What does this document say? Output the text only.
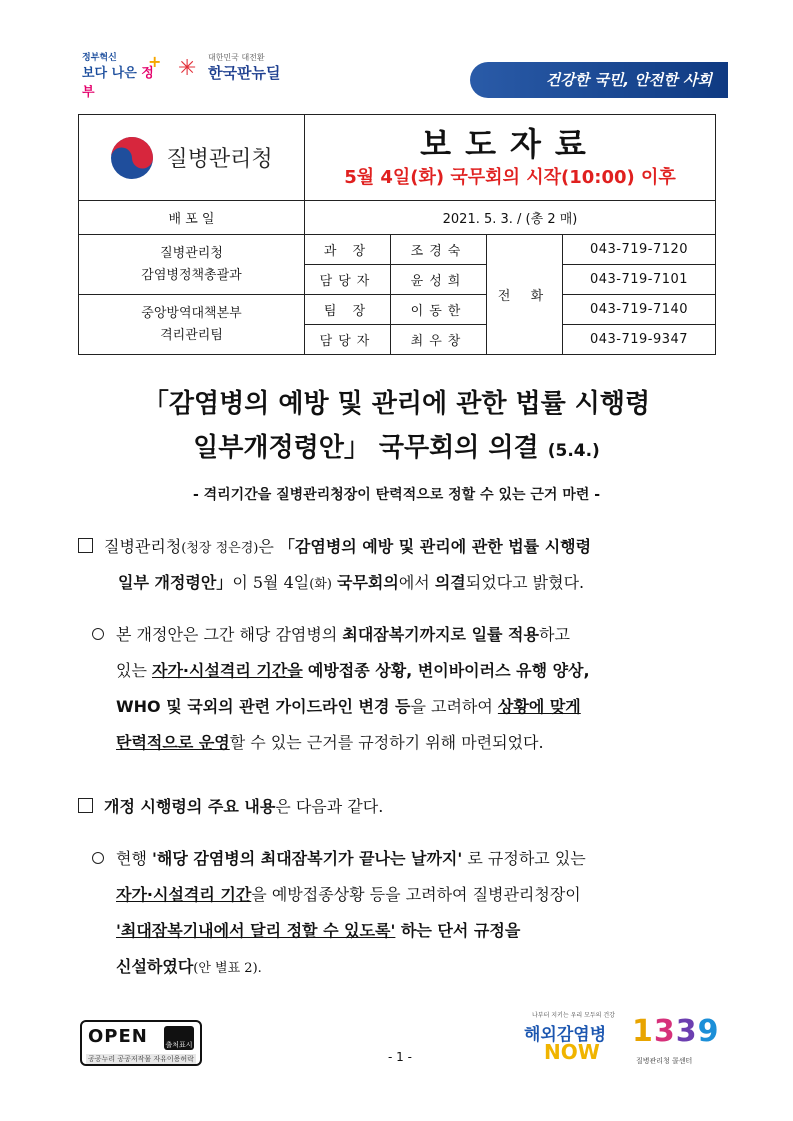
정부혁신
보다 나은 정부
+ ✳ 대한민국 대전환
한국판뉴딜	건강한 국민, 안전한 사회
질병관리청	보도자료
5월 4일(화) 국무회의 시작(10:00) 이후			

배 포 일	2021. 5. 3. / (총 2 매)			
질병관리청
감염병정책총괄과	과 장	조경숙	전 화	043-719-7120
	담당자	윤성희		043-719-7101
중앙방역대책본부
격리관리팀	팀 장	이동한		043-719-7140
	담당자	최우창		043-719-9347
「감염병의 예방 및 관리에 관한 법률 시행령
일부개정령안」 국무회의 의결 (5.4.)
- 격리기간을 질병관리청장이 탄력적으로 정할 수 있는 근거 마련 -
질병관리청(청장 정은경)은 「감염병의 예방 및 관리에 관한 법률 시행령
일부 개정령안」이 5월 4일(화) 국무회의에서 의결되었다고 밝혔다.
본 개정안은 그간 해당 감염병의 최대잠복기까지로 일률 적용하고
있는 자가·시설격리 기간을 예방접종 상황, 변이바이러스 유행 양상,
WHO 및 국외의 관련 가이드라인 변경 등을 고려하여 상황에 맞게
탄력적으로 운영할 수 있는 근거를 규정하기 위해 마련되었다.
개정 시행령의 주요 내용은 다음과 같다.
현행 '해당 감염병의 최대잠복기가 끝나는 날까지' 로 규정하고 있는
자가·시설격리 기간을 예방접종상황 등을 고려하여 질병관리청장이
'최대잠복기내에서 달리 정할 수 있도록' 하는 단서 규정을
신설하였다(안 별표 2).
OPEN	출처표시
공공누리 공공저작물 자유이용허락	- 1 -
나부터 지키는 우리 모두의 건강
해외감염병
NOW
1339
질병관리청 콜센터
